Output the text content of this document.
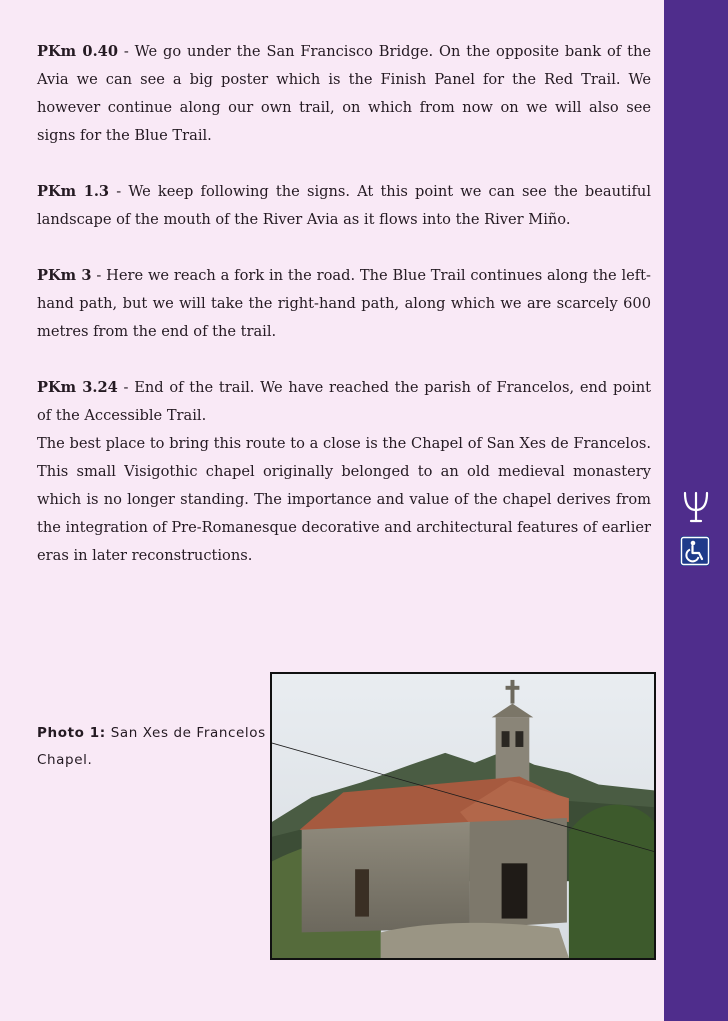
PKm 0.40 - We go under the San Francisco Bridge. On the opposite bank of the Avia we can see a big poster which is the Finish Panel for the Red Trail. We however continue along our own trail, on which from now on we will also see signs for the Blue Trail.

PKm 1.3 - We keep following the signs. At this point we can see the beautiful landscape of the mouth of the River Avia as it flows into the River Miño.

PKm 3 - Here we reach a fork in the road. The Blue Trail continues along the left-hand path, but we will take the right-hand path, along which we are scarcely 600 metres from the end of the trail.

PKm 3.24 - End of the trail. We have reached the parish of Francelos, end point of the Accessible Trail.

The best place to bring this route to a close is the Chapel of San Xes de Francelos. This small Visigothic chapel originally belonged to an old medieval monastery which is no longer standing. The importance and value of the chapel derives from the integration of Pre-Romanesque decorative and architectural features of earlier eras in later reconstructions.

Photo 1: San Xes de Francelos Chapel.
